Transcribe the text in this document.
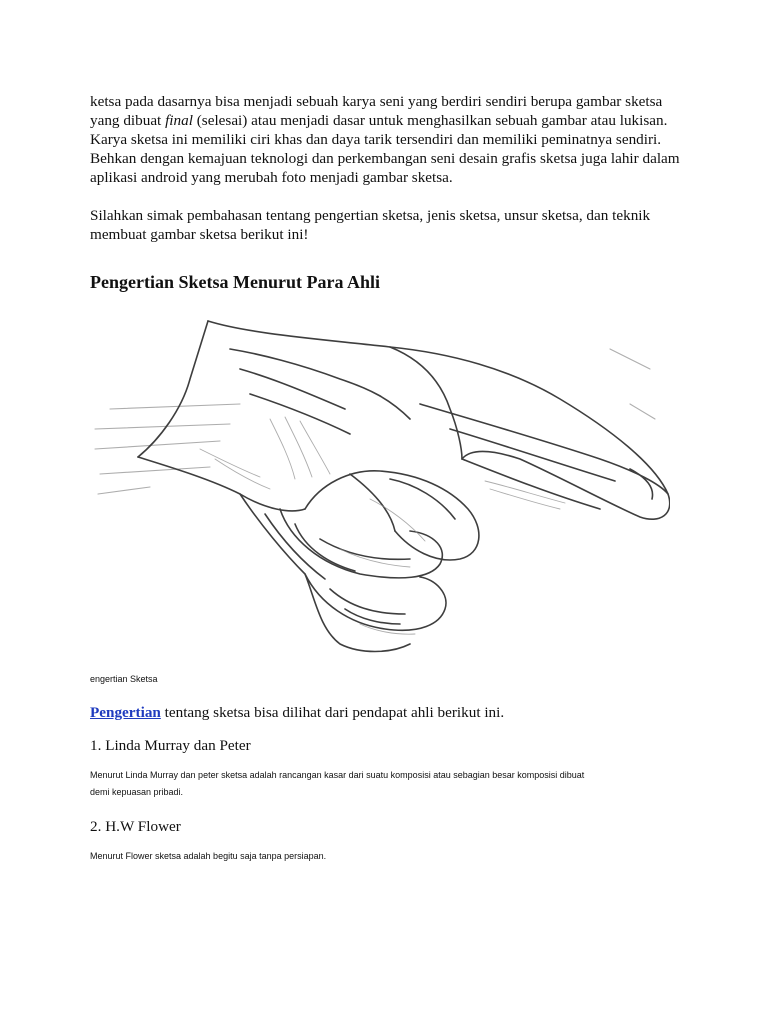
ketsa pada dasarnya bisa menjadi sebuah karya seni yang berdiri sendiri berupa gambar sketsa
yang dibuat final (selesai) atau menjadi dasar untuk menghasilkan sebuah gambar atau lukisan.
Karya sketsa ini memiliki ciri khas dan daya tarik tersendiri dan memiliki peminatnya sendiri.
Behkan dengan kemajuan teknologi dan perkembangan seni desain grafis sketsa juga lahir dalam
aplikasi android yang merubah foto menjadi gambar sketsa.
Silahkan simak pembahasan tentang pengertian sketsa, jenis sketsa, unsur sketsa, dan teknik
membuat gambar sketsa berikut ini!
Pengertian Sketsa Menurut Para Ahli
engertian Sketsa
Pengertian tentang sketsa bisa dilihat dari pendapat ahli berikut ini.
1. Linda Murray dan Peter
Menurut Linda Murray dan peter sketsa adalah rancangan kasar dari suatu komposisi atau sebagian besar komposisi dibuat
demi kepuasan pribadi.
2. H.W Flower
Menurut Flower sketsa adalah begitu saja tanpa persiapan.
